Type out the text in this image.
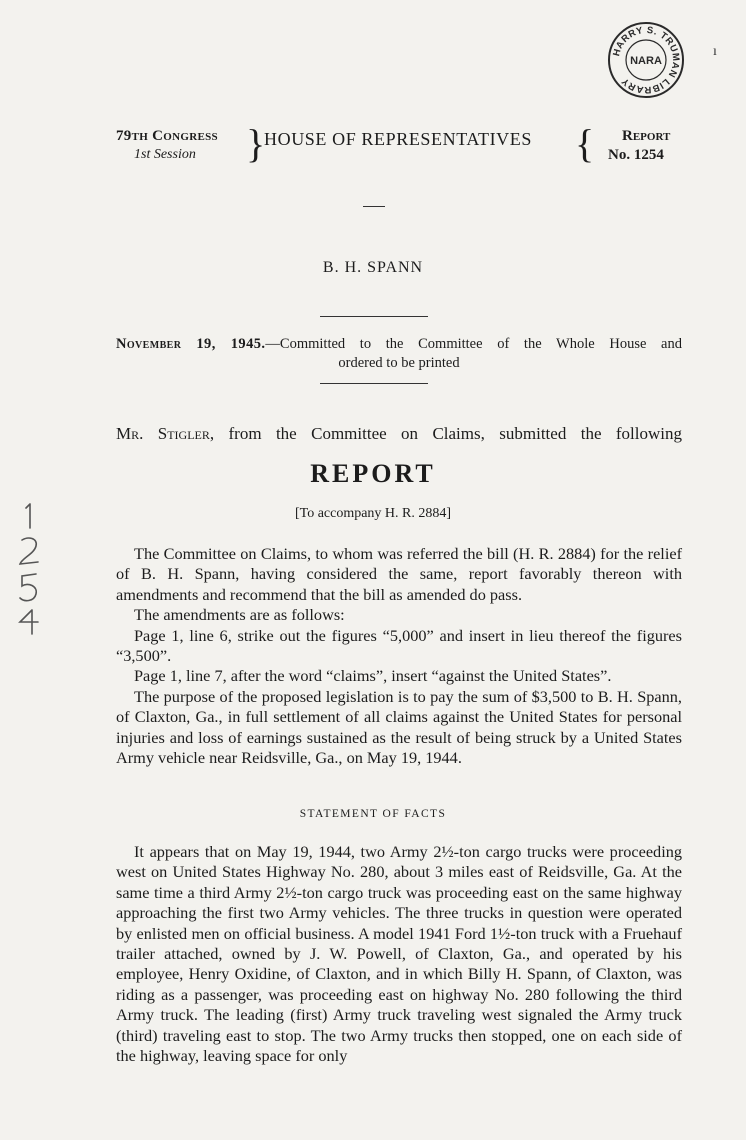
HARRY S. TRUMAN LIBRARY
NARA
ı
79th Congress
1st Session }
HOUSE OF REPRESENTATIVES { Report
No. 1254
B. H. SPANN
November 19, 1945.—Committed to the Committee of the Whole House and
ordered to be printed
Mr. Stigler, from the Committee on Claims, submitted the following
REPORT
[To accompany H. R. 2884]

The Committee on Claims, to whom was referred the bill (H. R. 2884) for the relief of B. H. Spann, having considered the same, report favorably thereon with amendments and recommend that the bill as amended do pass.

The amendments are as follows:

Page 1, line 6, strike out the figures “5,000” and insert in lieu thereof the figures “3,500”.

Page 1, line 7, after the word “claims”, insert “against the United States”.

The purpose of the proposed legislation is to pay the sum of $3,500 to B. H. Spann, of Claxton, Ga., in full settlement of all claims against the United States for personal injuries and loss of earnings sustained as the result of being struck by a United States Army vehicle near Reidsville, Ga., on May 19, 1944.

STATEMENT OF FACTS

It appears that on May 19, 1944, two Army 2½-ton cargo trucks were proceeding west on United States Highway No. 280, about 3 miles east of Reidsville, Ga. At the same time a third Army 2½-ton cargo truck was proceeding east on the same highway approaching the first two Army vehicles. The three trucks in question were operated by enlisted men on official business. A model 1941 Ford 1½-ton truck with a Fruehauf trailer attached, owned by J. W. Powell, of Claxton, Ga., and operated by his employee, Henry Oxidine, of Claxton, and in which Billy H. Spann, of Claxton, was riding as a passenger, was proceeding east on highway No. 280 following the third Army truck. The leading (first) Army truck traveling west signaled the Army truck (third) traveling east to stop. The two Army trucks then stopped, one on each side of the highway, leaving space for only
